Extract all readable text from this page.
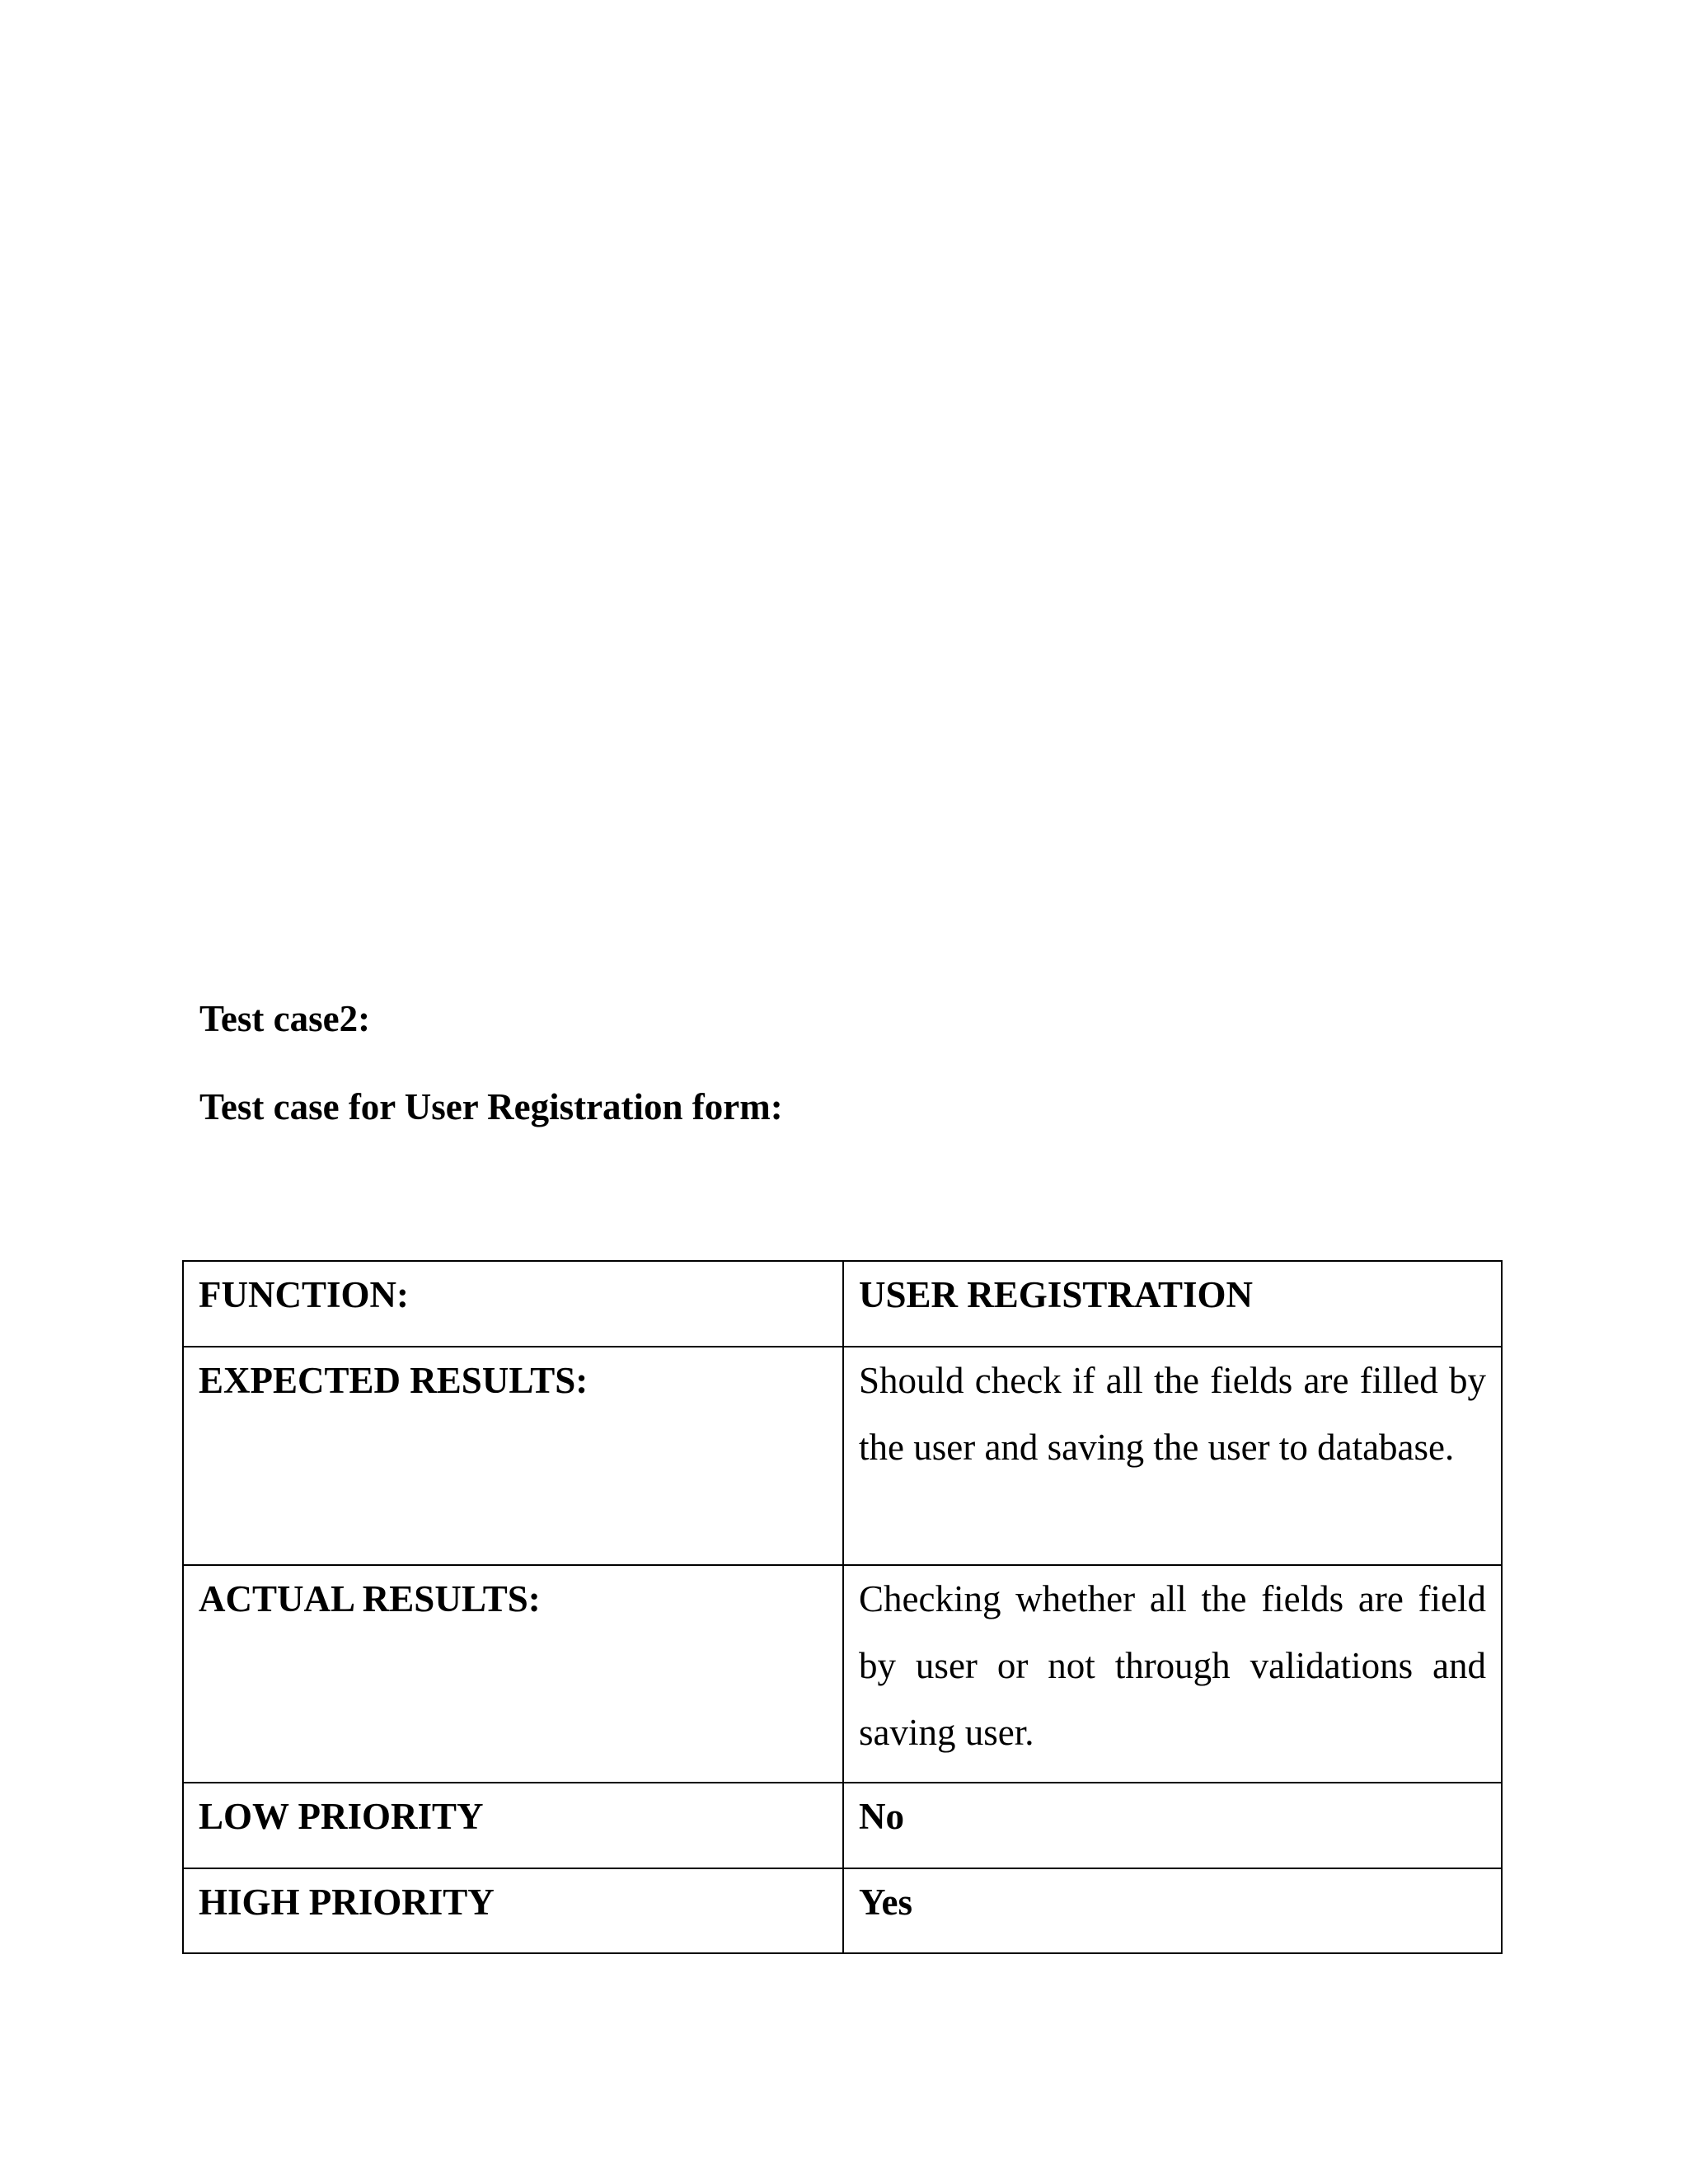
Test case2:

Test case for User Registration form:

FUNCTION:	USER REGISTRATION
EXPECTED RESULTS:	Should check if all the fields are filled by the user and saving the user to database.
ACTUAL RESULTS:	Checking whether all the fields are field by user or not through validations and saving user.
LOW PRIORITY	No
HIGH PRIORITY	Yes
